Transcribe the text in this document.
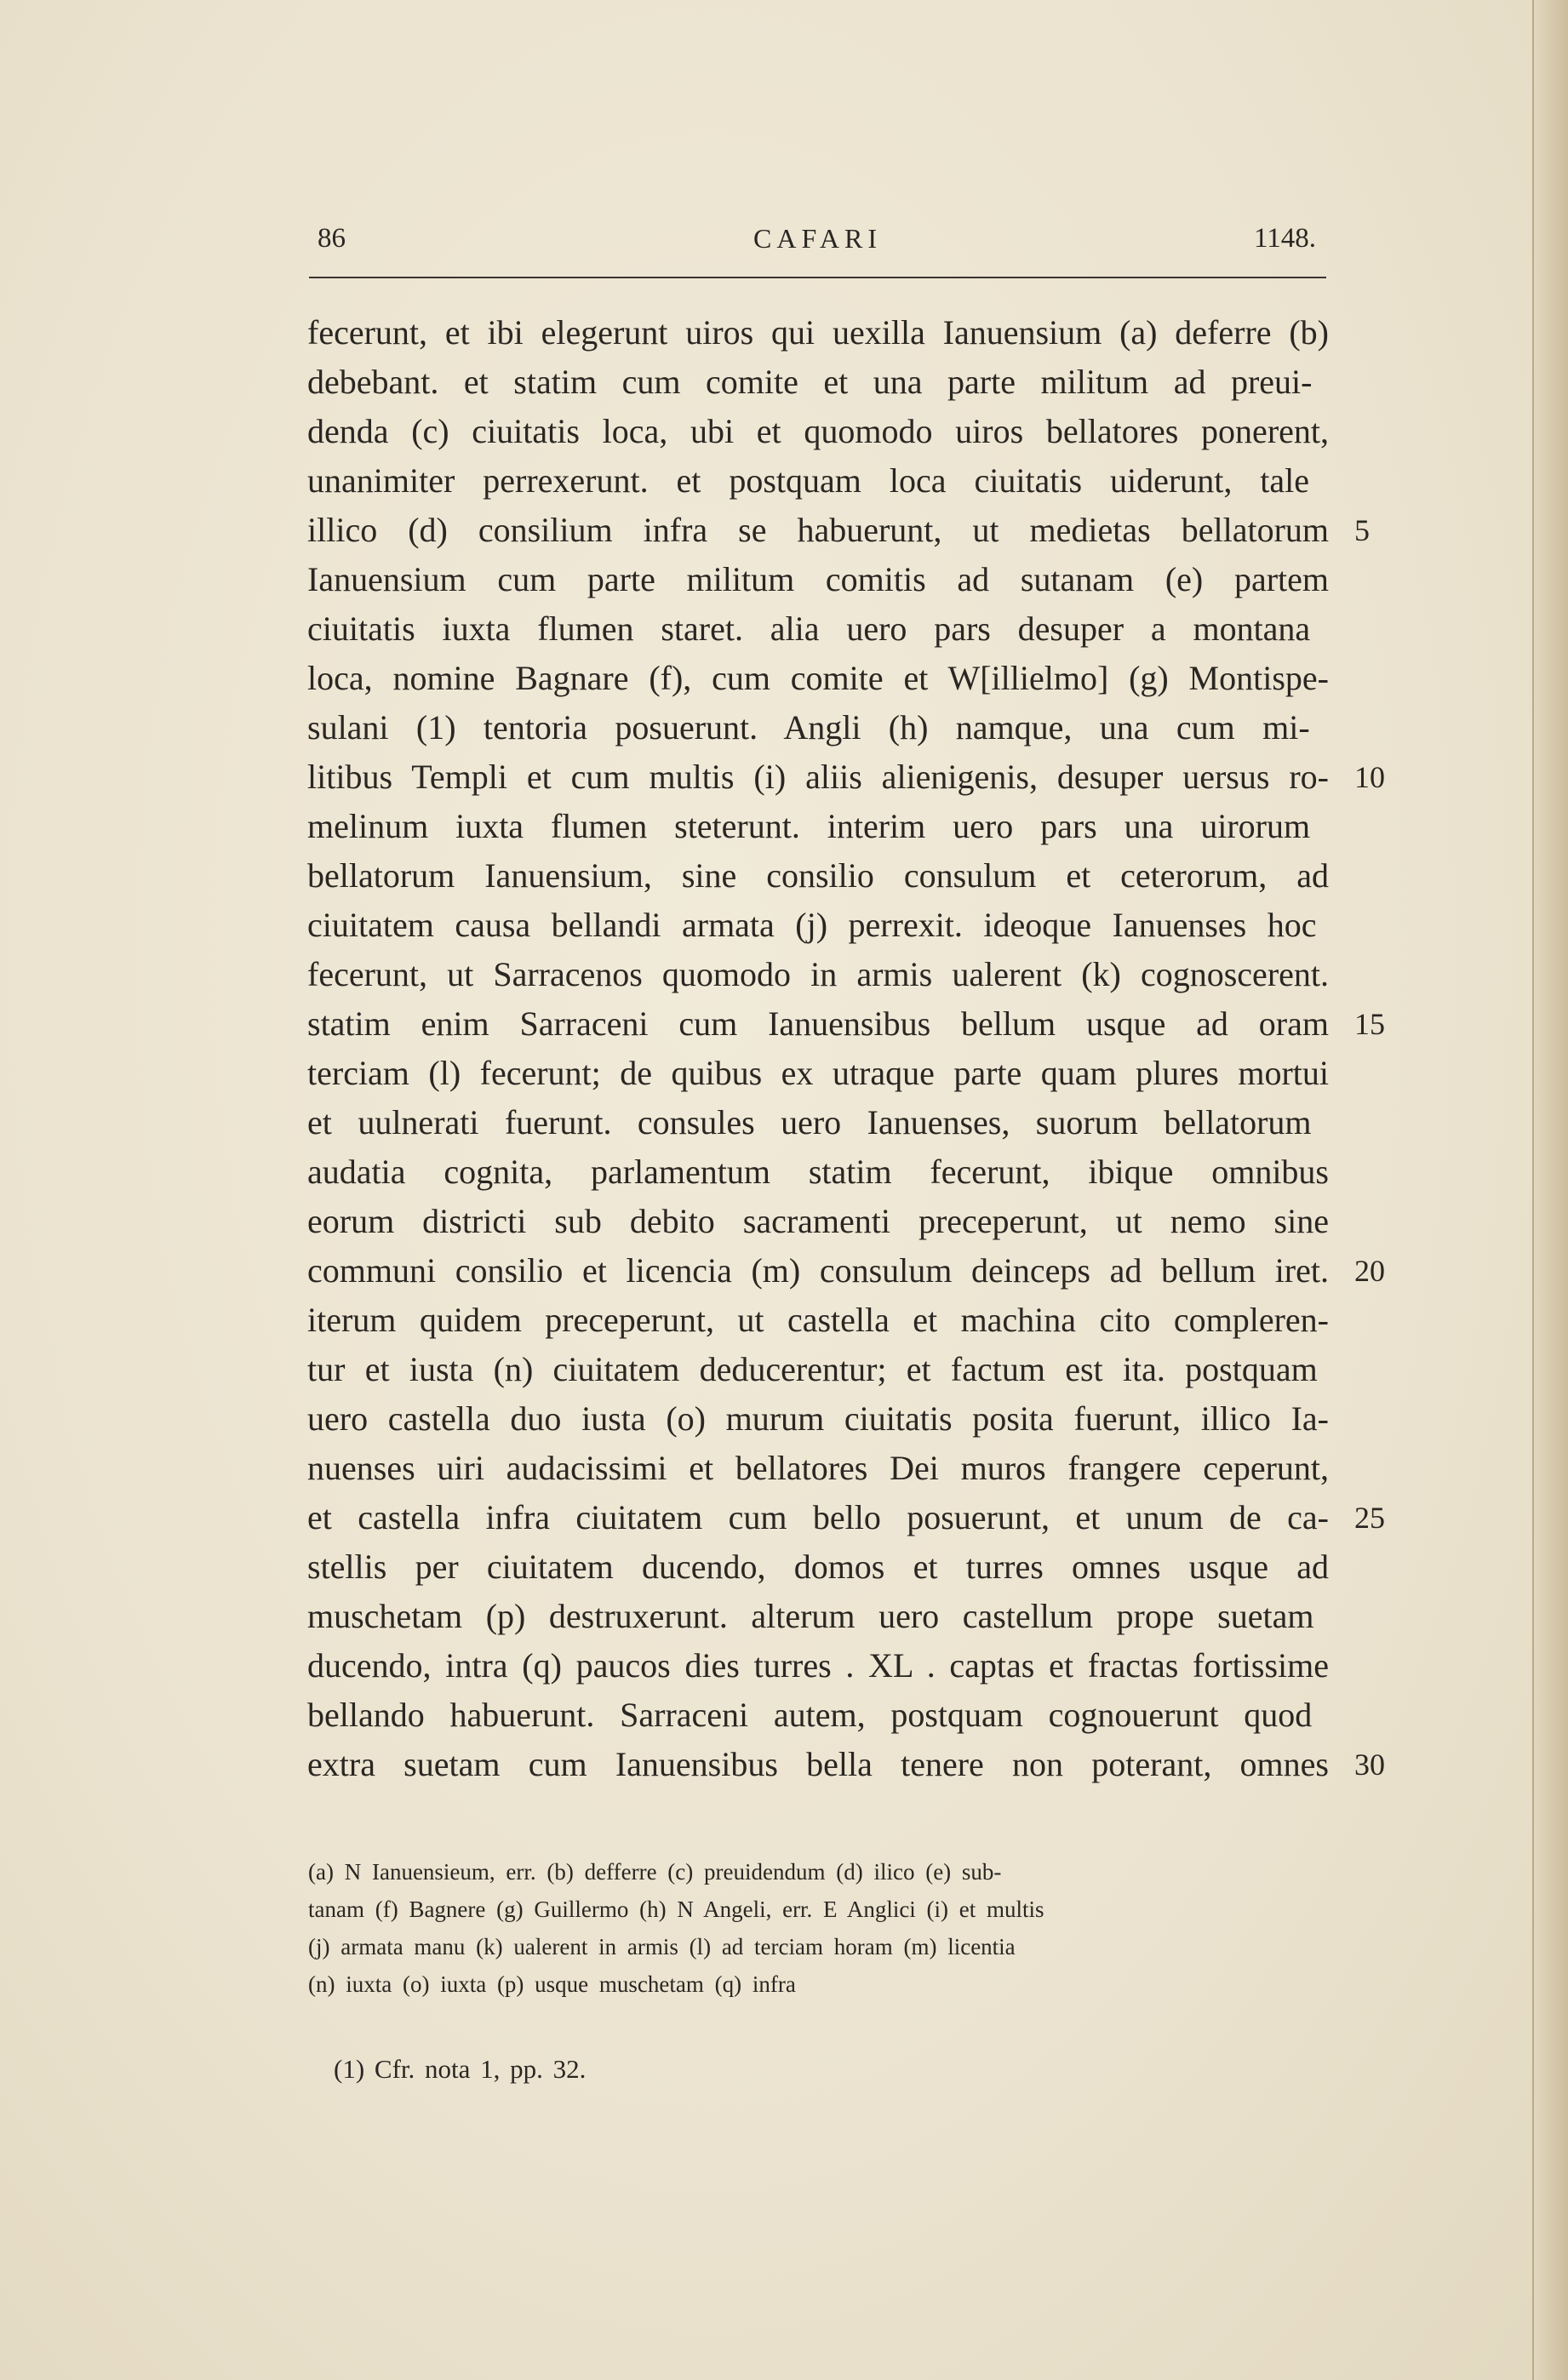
86	CAFARI	1148.
fecerunt, et ibi elegerunt uiros qui uexilla Ianuensium (a) deferre (b)
debebant. et statim cum comite et una parte militum ad preui-
denda (c) ciuitatis loca, ubi et quomodo uiros bellatores ponerent,
unanimiter perrexerunt. et postquam loca ciuitatis uiderunt, tale
illico (d) consilium infra se habuerunt, ut medietas bellatorum 5
Ianuensium cum parte militum comitis ad sutanam (e) partem
ciuitatis iuxta flumen staret. alia uero pars desuper a montana
loca, nomine Bagnare (f), cum comite et W[illielmo] (g) Montispe-
sulani (1) tentoria posuerunt. Angli (h) namque, una cum mi-
litibus Templi et cum multis (i) aliis alienigenis, desuper uersus ro- 10
melinum iuxta flumen steterunt. interim uero pars una uirorum
bellatorum Ianuensium, sine consilio consulum et ceterorum, ad
ciuitatem causa bellandi armata (j) perrexit. ideoque Ianuenses hoc
fecerunt, ut Sarracenos quomodo in armis ualerent (k) cognoscerent.
statim enim Sarraceni cum Ianuensibus bellum usque ad oram 15
terciam (l) fecerunt; de quibus ex utraque parte quam plures mortui
et uulnerati fuerunt. consules uero Ianuenses, suorum bellatorum
audatia cognita, parlamentum statim fecerunt, ibique omnibus
eorum districti sub debito sacramenti preceperunt, ut nemo sine
communi consilio et licencia (m) consulum deinceps ad bellum iret. 20
iterum quidem preceperunt, ut castella et machina cito compleren-
tur et iusta (n) ciuitatem deducerentur; et factum est ita. postquam
uero castella duo iusta (o) murum ciuitatis posita fuerunt, illico Ia-
nuenses uiri audacissimi et bellatores Dei muros frangere ceperunt,
et castella infra ciuitatem cum bello posuerunt, et unum de ca- 25
stellis per ciuitatem ducendo, domos et turres omnes usque ad
muschetam (p) destruxerunt. alterum uero castellum prope suetam
ducendo, intra (q) paucos dies turres . XL . captas et fractas fortissime
bellando habuerunt. Sarraceni autem, postquam cognouerunt quod
extra suetam cum Ianuensibus bella tenere non poterant, omnes 30
(a) N Ianuensieum, err. (b) defferre (c) preuidendum (d) ilico (e) sub-
tanam (f) Bagnere (g) Guillermo (h) N Angeli, err. E Anglici (i) et multis
(j) armata manu (k) ualerent in armis (l) ad terciam horam (m) licentia
(n) iuxta (o) iuxta (p) usque muschetam (q) infra
(1) Cfr. nota 1, pp. 32.
